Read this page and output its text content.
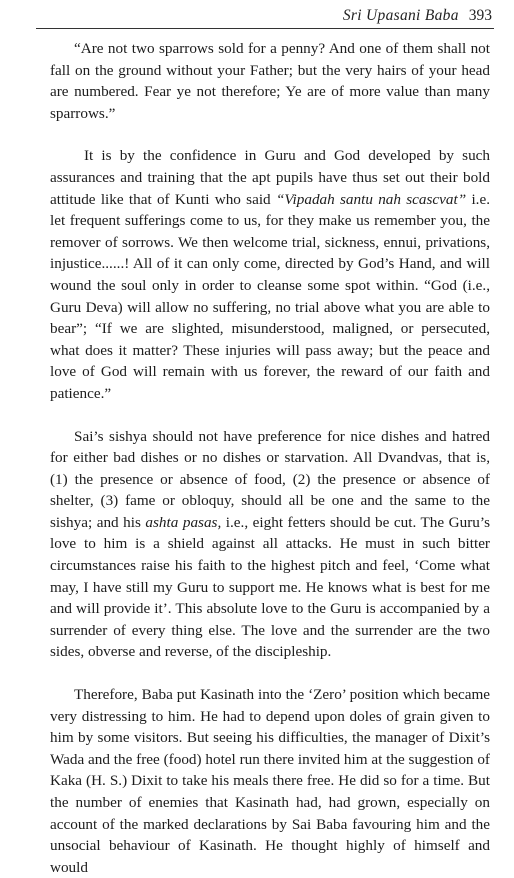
Sri Upasani Baba 393

“Are not two sparrows sold for a penny? And one of them shall not fall on the ground without your Father; but the very hairs of your head are numbered. Fear ye not therefore; Ye are of more value than many sparrows.”

It is by the confidence in Guru and God developed by such assurances and training that the apt pupils have thus set out their bold attitude like that of Kunti who said “Vipadah santu nah scascvat” i.e. let frequent sufferings come to us, for they make us remember you, the remover of sorrows. We then welcome trial, sickness, ennui, privations, injustice......! All of it can only come, directed by God’s Hand, and will wound the soul only in order to cleanse some spot within. “God (i.e., Guru Deva) will allow no suffering, no trial above what you are able to bear”; “If we are slighted, misunderstood, maligned, or persecuted, what does it matter? These injuries will pass away; but the peace and love of God will remain with us forever, the reward of our faith and patience.”

Sai’s sishya should not have preference for nice dishes and hatred for either bad dishes or no dishes or starvation. All Dvandvas, that is, (1) the presence or absence of food, (2) the presence or absence of shelter, (3) fame or obloquy, should all be one and the same to the sishya; and his ashta pasas, i.e., eight fetters should be cut. The Guru’s love to him is a shield against all attacks. He must in such bitter circumstances raise his faith to the highest pitch and feel, ‘Come what may, I have still my Guru to support me. He knows what is best for me and will provide it’. This absolute love to the Guru is accompanied by a surrender of every thing else. The love and the surrender are the two sides, obverse and reverse, of the discipleship.

Therefore, Baba put Kasinath into the ‘Zero’ position which became very distressing to him. He had to depend upon doles of grain given to him by some visitors. But seeing his difficulties, the manager of Dixit’s Wada and the free (food) hotel run there invited him at the suggestion of Kaka (H. S.) Dixit to take his meals there free. He did so for a time. But the number of enemies that Kasinath had, had grown, especially on account of the marked declarations by Sai Baba favouring him and the unsocial behaviour of Kasinath. He thought highly of himself and would
